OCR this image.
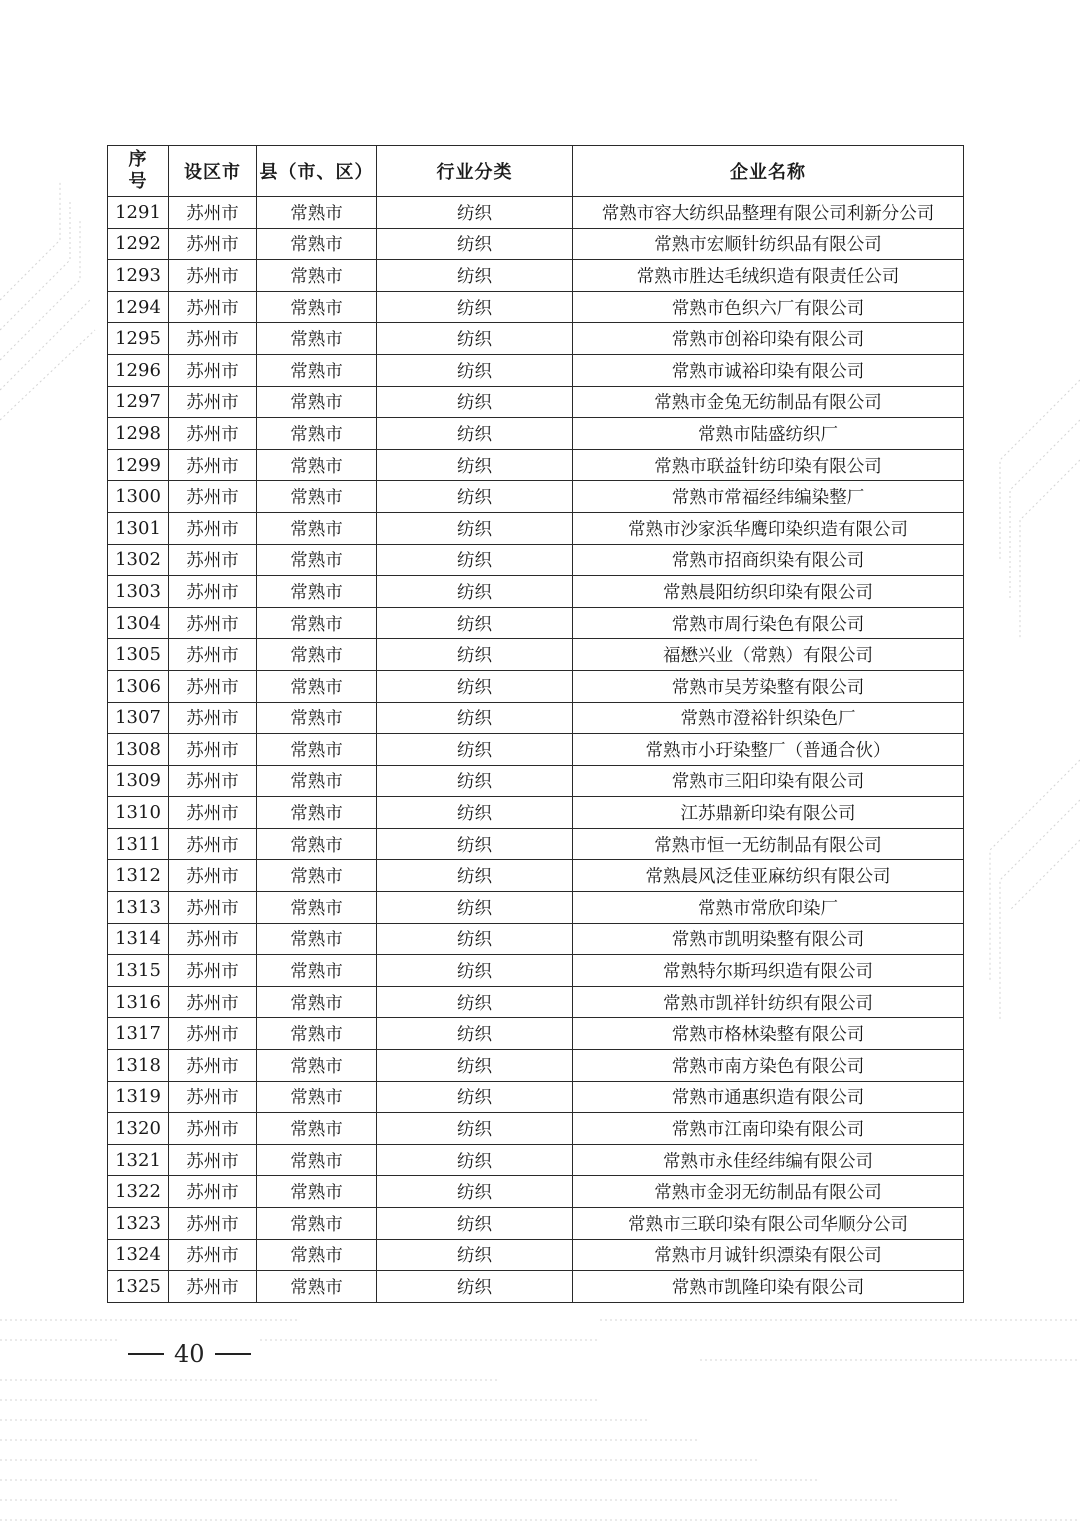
序
号	设区市	县（市、区）	行业分类	企业名称
1291	苏州市	常熟市	纺织	常熟市容大纺织品整理有限公司利新分公司
1292	苏州市	常熟市	纺织	常熟市宏顺针纺织品有限公司
1293	苏州市	常熟市	纺织	常熟市胜达毛绒织造有限责任公司
1294	苏州市	常熟市	纺织	常熟市色织六厂有限公司
1295	苏州市	常熟市	纺织	常熟市创裕印染有限公司
1296	苏州市	常熟市	纺织	常熟市诚裕印染有限公司
1297	苏州市	常熟市	纺织	常熟市金兔无纺制品有限公司
1298	苏州市	常熟市	纺织	常熟市陆盛纺织厂
1299	苏州市	常熟市	纺织	常熟市联益针纺印染有限公司
1300	苏州市	常熟市	纺织	常熟市常福经纬编染整厂
1301	苏州市	常熟市	纺织	常熟市沙家浜华鹰印染织造有限公司
1302	苏州市	常熟市	纺织	常熟市招商织染有限公司
1303	苏州市	常熟市	纺织	常熟晨阳纺织印染有限公司
1304	苏州市	常熟市	纺织	常熟市周行染色有限公司
1305	苏州市	常熟市	纺织	福懋兴业（常熟）有限公司
1306	苏州市	常熟市	纺织	常熟市吴芳染整有限公司
1307	苏州市	常熟市	纺织	常熟市澄裕针织染色厂
1308	苏州市	常熟市	纺织	常熟市小玗染整厂（普通合伙）
1309	苏州市	常熟市	纺织	常熟市三阳印染有限公司
1310	苏州市	常熟市	纺织	江苏鼎新印染有限公司
1311	苏州市	常熟市	纺织	常熟市恒一无纺制品有限公司
1312	苏州市	常熟市	纺织	常熟晨风泛佳亚麻纺织有限公司
1313	苏州市	常熟市	纺织	常熟市常欣印染厂
1314	苏州市	常熟市	纺织	常熟市凯明染整有限公司
1315	苏州市	常熟市	纺织	常熟特尔斯玛织造有限公司
1316	苏州市	常熟市	纺织	常熟市凯祥针纺织有限公司
1317	苏州市	常熟市	纺织	常熟市格林染整有限公司
1318	苏州市	常熟市	纺织	常熟市南方染色有限公司
1319	苏州市	常熟市	纺织	常熟市通惠织造有限公司
1320	苏州市	常熟市	纺织	常熟市江南印染有限公司
1321	苏州市	常熟市	纺织	常熟市永佳经纬编有限公司
1322	苏州市	常熟市	纺织	常熟市金羽无纺制品有限公司
1323	苏州市	常熟市	纺织	常熟市三联印染有限公司华顺分公司
1324	苏州市	常熟市	纺织	常熟市月诚针织漂染有限公司
1325	苏州市	常熟市	纺织	常熟市凯隆印染有限公司
40
